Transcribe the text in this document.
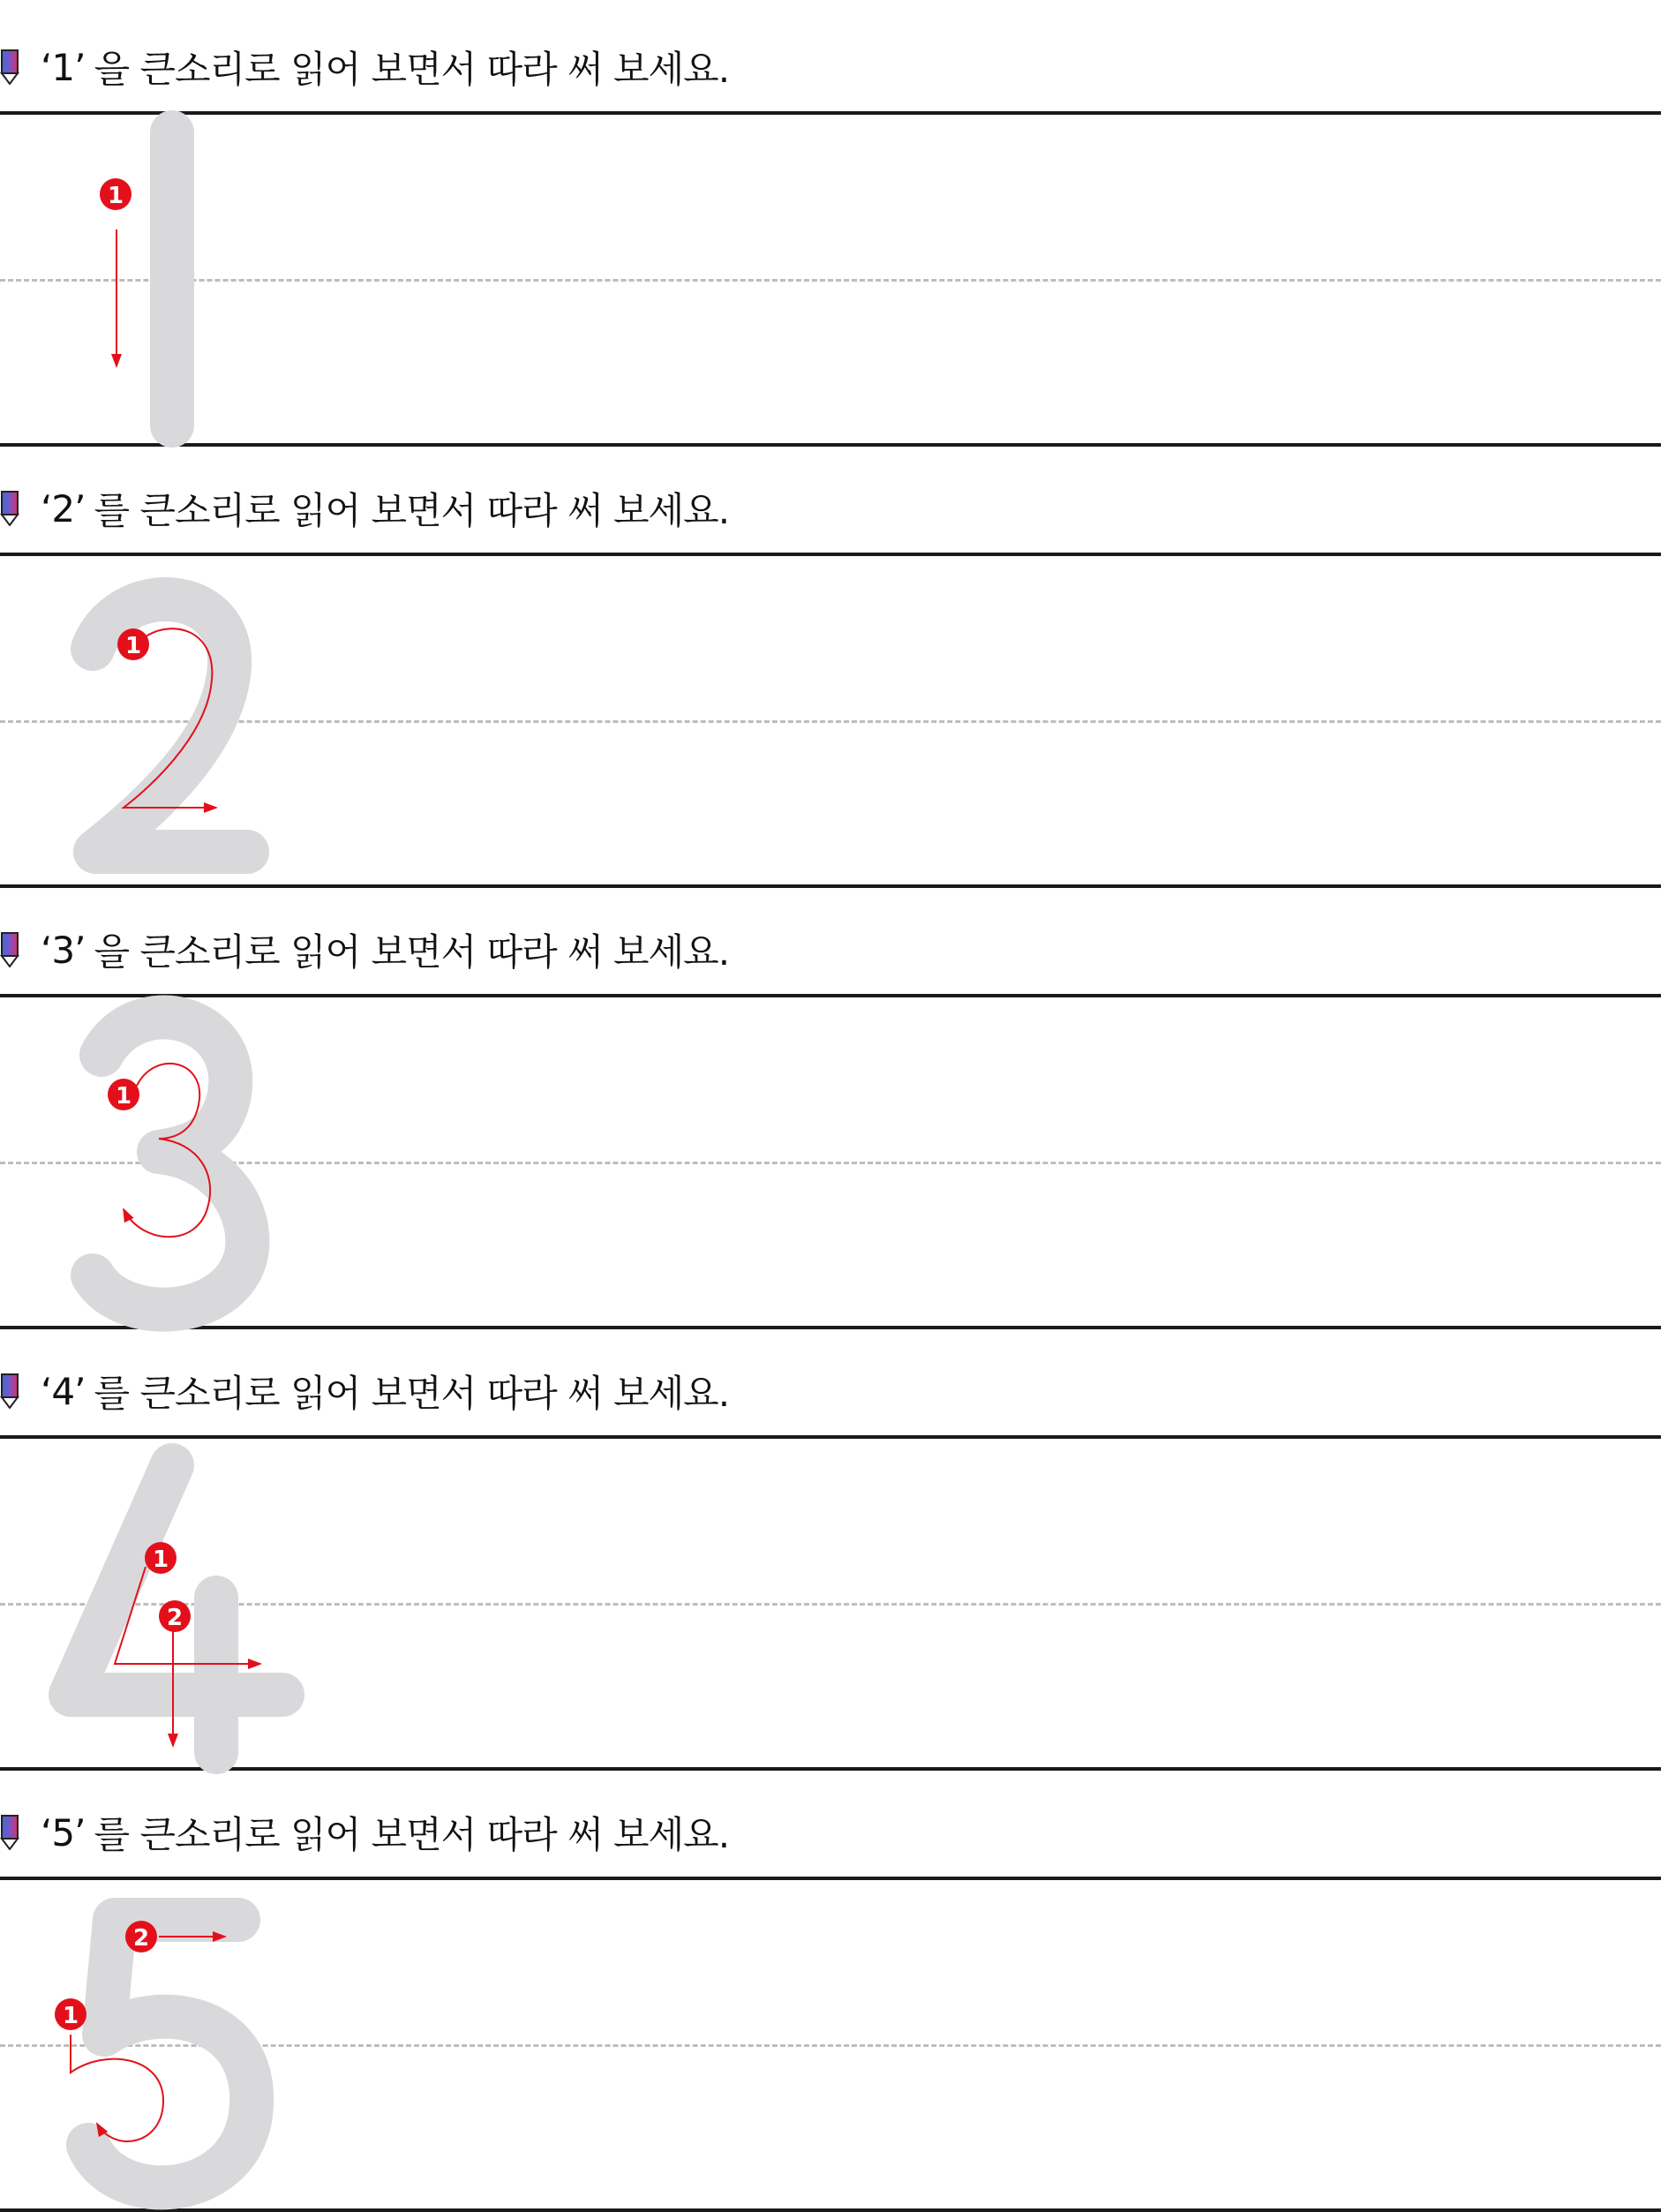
‘1’ 을
큰소리로 읽어 보면서 따라 써 보세요.
1
‘2’ 를
큰소리로 읽어 보면서 따라 써 보세요.
1
‘3’ 을
큰소리로 읽어 보면서 따라 써 보세요.
1
‘4’ 를
큰소리로 읽어 보면서 따라 써 보세요.
1
2
‘5’ 를
큰소리로 읽어 보면서 따라 써 보세요.
1
2
